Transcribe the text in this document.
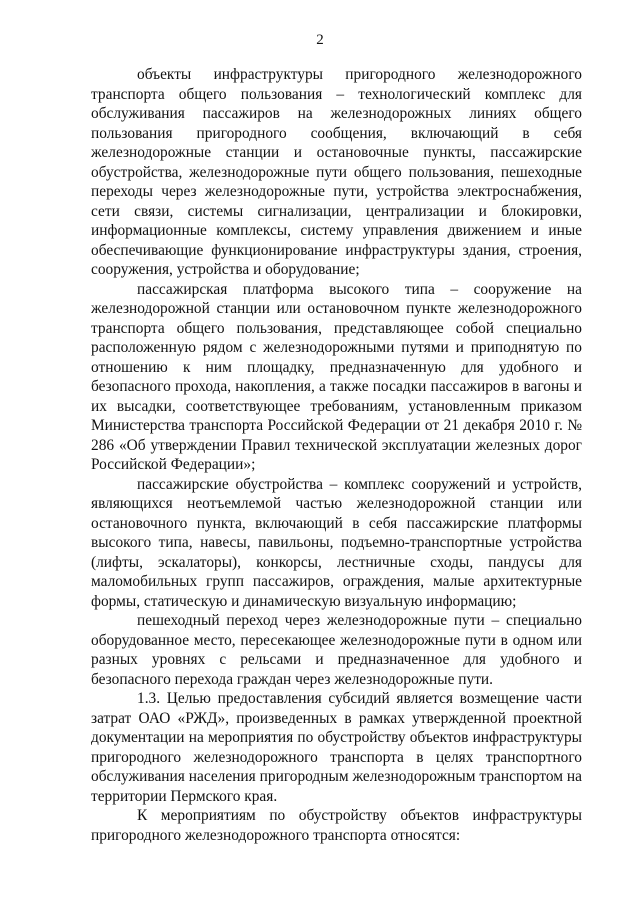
2

объекты инфраструктуры пригородного железнодорожного транспорта общего пользования – технологический комплекс для обслуживания пассажиров на железнодорожных линиях общего пользования пригородного сообщения, включающий в себя железнодорожные станции и остановочные пункты, пассажирские обустройства, железнодорожные пути общего пользования, пешеходные переходы через железнодорожные пути, устройства электроснабжения, сети связи, системы сигнализации, централизации и блокировки, информационные комплексы, систему управления движением и иные обеспечивающие функционирование инфраструктуры здания, строения, сооружения, устройства и оборудование;

пассажирская платформа высокого типа – сооружение на железнодорожной станции или остановочном пункте железнодорожного транспорта общего пользования, представляющее собой специально расположенную рядом с железнодорожными путями и приподнятую по отношению к ним площадку, предназначенную для удобного и безопасного прохода, накопления, а также посадки пассажиров в вагоны и их высадки, соответствующее требованиям, установленным приказом Министерства транспорта Российской Федерации от 21 декабря 2010 г. № 286 «Об утверждении Правил технической эксплуатации железных дорог Российской Федерации»;

пассажирские обустройства – комплекс сооружений и устройств, являющихся неотъемлемой частью железнодорожной станции или остановочного пункта, включающий в себя пассажирские платформы высокого типа, навесы, павильоны, подъемно-транспортные устройства (лифты, эскалаторы), конкорсы, лестничные сходы, пандусы для маломобильных групп пассажиров, ограждения, малые архитектурные формы, статическую и динамическую визуальную информацию;

пешеходный переход через железнодорожные пути – специально оборудованное место, пересекающее железнодорожные пути в одном или разных уровнях с рельсами и предназначенное для удобного и безопасного перехода граждан через железнодорожные пути.

1.3. Целью предоставления субсидий является возмещение части затрат ОАО «РЖД», произведенных в рамках утвержденной проектной документации на мероприятия по обустройству объектов инфраструктуры пригородного железнодорожного транспорта в целях транспортного обслуживания населения пригородным железнодорожным транспортом на территории Пермского края.

К мероприятиям по обустройству объектов инфраструктуры пригородного железнодорожного транспорта относятся:
